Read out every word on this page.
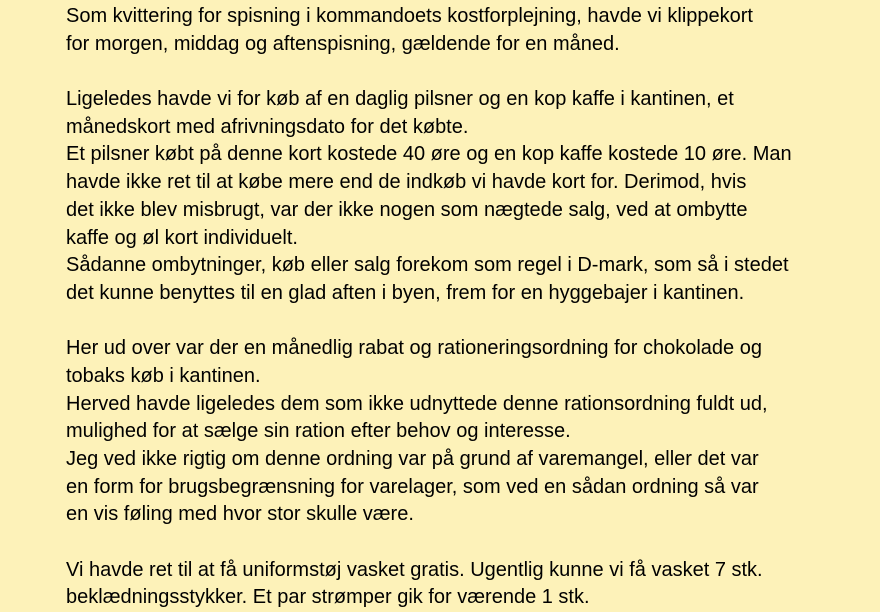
Som kvittering for spisning i kommandoets kostforplejning, havde vi klippekort
for morgen, middag og aftenspisning, gældende for en måned.
Ligeledes havde vi for køb af en daglig pilsner og en kop kaffe i kantinen, et
månedskort med afrivningsdato for det købte.
Et pilsner købt på denne kort kostede 40 øre og en kop kaffe kostede 10 øre. Man
havde ikke ret til at købe mere end de indkøb vi havde kort for. Derimod, hvis
det ikke blev misbrugt, var der ikke nogen som nægtede salg, ved at ombytte
kaffe og øl kort individuelt.
Sådanne ombytninger, køb eller salg forekom som regel i D-mark, som så i stedet
det kunne benyttes til en glad aften i byen, frem for en hyggebajer i kantinen.
Her ud over var der en månedlig rabat og rationeringsordning for chokolade og
tobaks køb i kantinen.
Herved havde ligeledes dem som ikke udnyttede denne rationsordning fuldt ud,
mulighed for at sælge sin ration efter behov og interesse.
Jeg ved ikke rigtig om denne ordning var på grund af varemangel, eller det var
en form for brugsbegrænsning for varelager, som ved en sådan ordning så var
en vis føling med hvor stor skulle være.
Vi havde ret til at få uniformstøj vasket gratis. Ugentlig kunne vi få vasket 7 stk.
beklædningsstykker. Et par strømper gik for værende 1 stk.
